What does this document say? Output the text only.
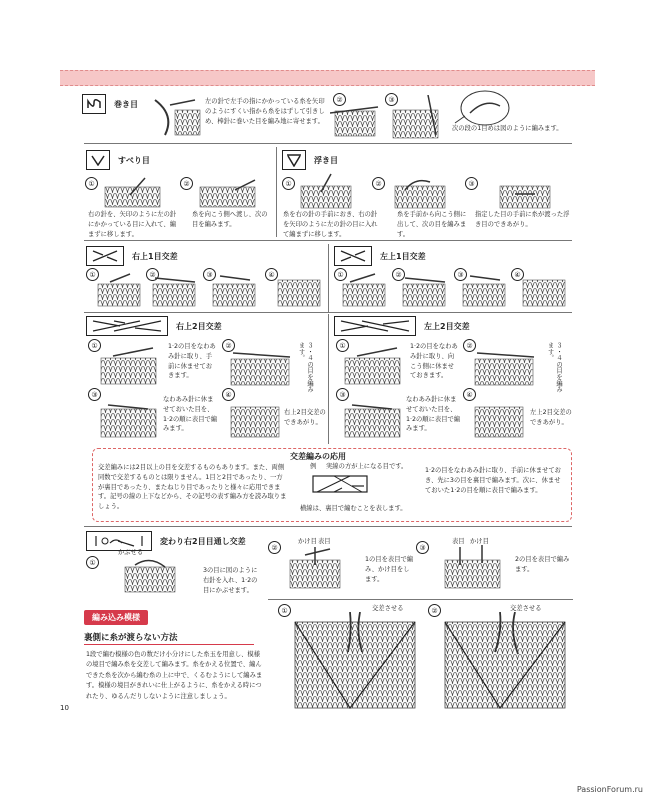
巻き目	左の針で左手の指にかかっている糸を矢印のようにすくい指から糸をはずして引きしめ、棒針に巻いた目を編み地に寄せます。
②	③
次の段の1目めは図のように編みます。
すべり目
①	②
右の針を、矢印のように左の針にかかっている目に入れて、編まずに移します。
糸を向こう側へ渡し、次の目を編みます。
浮き目
①	②	③
糸を右の針の手前におき、右の針を矢印のように左の針の目に入れて編まずに移します。
糸を手前から向こう側に出して、次の目を編みます。
指定した目の手前に糸が渡った浮き目のできあがり。
右上1目交差
①	②	③	④
左上1目交差
①	②	③	④
右上2目交差
①	1·2の目をなわあみ針に取り、手前に休ませておきます。
②	３・４の目を編みます。
③
なわあみ針に休ませておいた目を、1·2の順に表目で編みます。
④
右上2目交差のできあがり。
左上2目交差
①	1·2の目をなわあみ針に取り、向こう側に休ませておきます。
②	３・４の目を編みます。
③
なわあみ針に休ませておいた目を、1·2の順に表目で編みます。
④
左上2目交差のできあがり。
交差編みの応用
交差編みには2目以上の目を交差するものもあります。また、両側同数で交差するものとは限りません。1目と2目であったり、一方が裏目であったり、またねじり目であったりと様々に応用できます。記号の線の上下などから、その記号の表す編み方を読み取りましょう。
例 実線の方が上になる目です。
横線は、裏目で編むことを表します。
1·2の目をなわあみ針に取り、手前に休ませておき、先に3の目を裏目で編みます。次に、休ませておいた1·2の目を順に表目で編みます。
変わり右2目目通し交差
①
かぶせる
3の目に図のように右針を入れ、1·2の目にかぶせます。
②
かけ目 表目
1の目を表目で編み、かけ目をします。
③
表目 かけ目
2の目を表目で編みます。
編み込み模様
裏側に糸が渡らない方法
1段で編む模様の色の数だけ小分けにした糸玉を用意し、模様の境目で編み糸を交差して編みます。糸をかえる位置で、編んできた糸を次から編む糸の上に中で、くるむようにして編みます。模様の境目がきれいに仕上がるように、糸をかえる時につれたり、ゆるんだりしないように注意しましょう。
①	交差させる	②	交差させる
10
PassionForum.ru
